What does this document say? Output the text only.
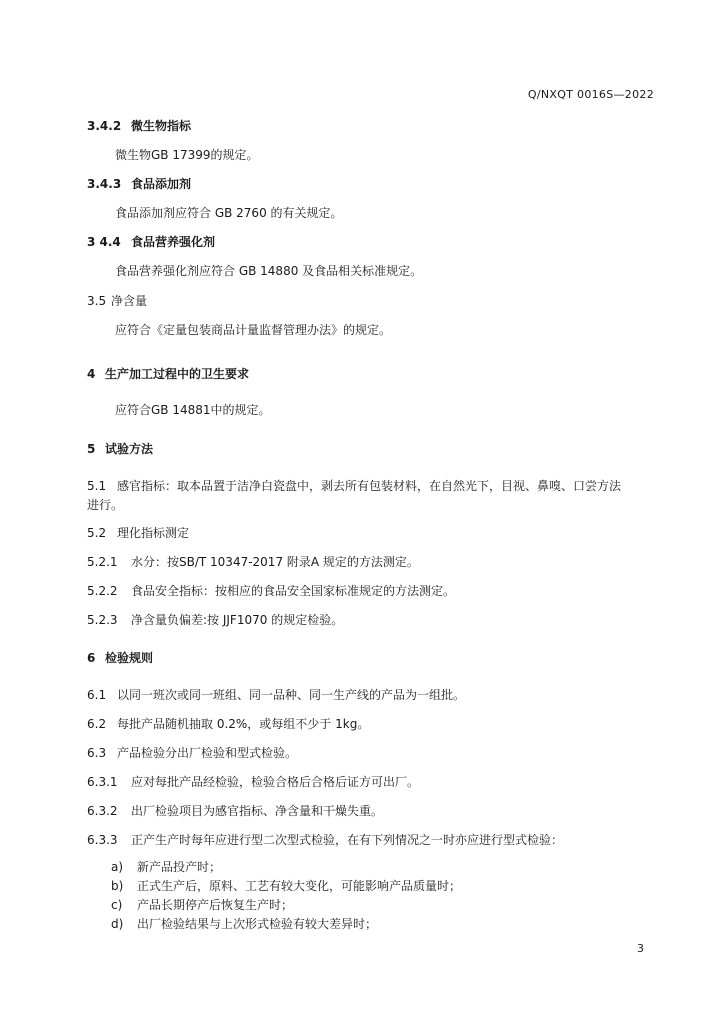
Q/NXQT 0016S—2022
3.4.2 微生物指标
微生物GB 17399的规定。
3.4.3 食品添加剂
食品添加剂应符合 GB 2760 的有关规定。
3 4.4 食品营养强化剂
食品营养强化剂应符合 GB 14880 及食品相关标准规定。
3.5 净含量
应符合《定量包装商品计量监督管理办法》的规定。
4 生产加工过程中的卫生要求
应符合GB 14881中的规定。
5 试验方法
5.1 感官指标：取本品置于洁净白瓷盘中，剥去所有包装材料，在自然光下，目视、鼻嗅、口尝方法
进行。
5.2 理化指标测定
5.2.1 水分：按SB/T 10347-2017 附录A 规定的方法测定。
5.2.2 食品安全指标：按相应的食品安全国家标准规定的方法测定。
5.2.3 净含量负偏差:按 JJF1070 的规定检验。
6 检验规则
6.1 以同一班次或同一班组、同一品种、同一生产线的产品为一组批。
6.2 每批产品随机抽取 0.2%，或每组不少于 1kg。
6.3 产品检验分出厂检验和型式检验。
6.3.1 应对每批产品经检验，检验合格后合格后证方可出厂。
6.3.2 出厂检验项目为感官指标、净含量和干燥失重。
6.3.3 正产生产时每年应进行型二次型式检验，在有下列情况之一时亦应进行型式检验：
a) 新产品投产时；
b) 正式生产后，原料、工艺有较大变化，可能影响产品质量时；
c) 产品长期停产后恢复生产时；
d) 出厂检验结果与上次形式检验有较大差异时；
3
